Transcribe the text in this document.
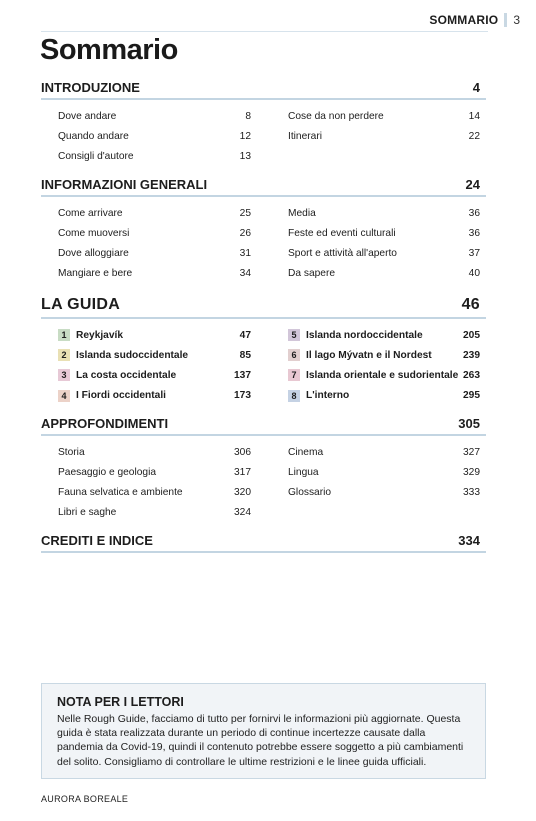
SOMMARIO 3
Sommario
INTRODUZIONE	4
Dove andare	8
Quando andare	12
Consigli d'autore	13
Cose da non perdere	14
Itinerari	22
INFORMAZIONI GENERALI	24
Come arrivare	25
Come muoversi	26
Dove alloggiare	31
Mangiare e bere	34
Media	36
Feste ed eventi culturali	36
Sport e attività all'aperto	37
Da sapere	40
LA GUIDA	46
1 Reykjavík	47
2 Islanda sudoccidentale	85
3 La costa occidentale	137
4 I Fiordi occidentali	173
5 Islanda nordoccidentale	205
6 Il lago Mývatn e il Nordest	239
7 Islanda orientale e sudorientale 263
8 L'interno	295
APPROFONDIMENTI	305
Storia	306
Paesaggio e geologia	317
Fauna selvatica e ambiente	320
Libri e saghe	324
Cinema	327
Lingua	329
Glossario	333
CREDITI E INDICE	334

NOTA PER I LETTORI

Nelle Rough Guide, facciamo di tutto per fornirvi le informazioni più aggiornate. Questa guida è stata realizzata durante un periodo di continue incertezze causate dalla pandemia da Covid-19, quindi il contenuto potrebbe essere soggetto a più cambiamenti del solito. Consigliamo di controllare le ultime restrizioni e le linee guida ufficiali.

AURORA BOREALE
